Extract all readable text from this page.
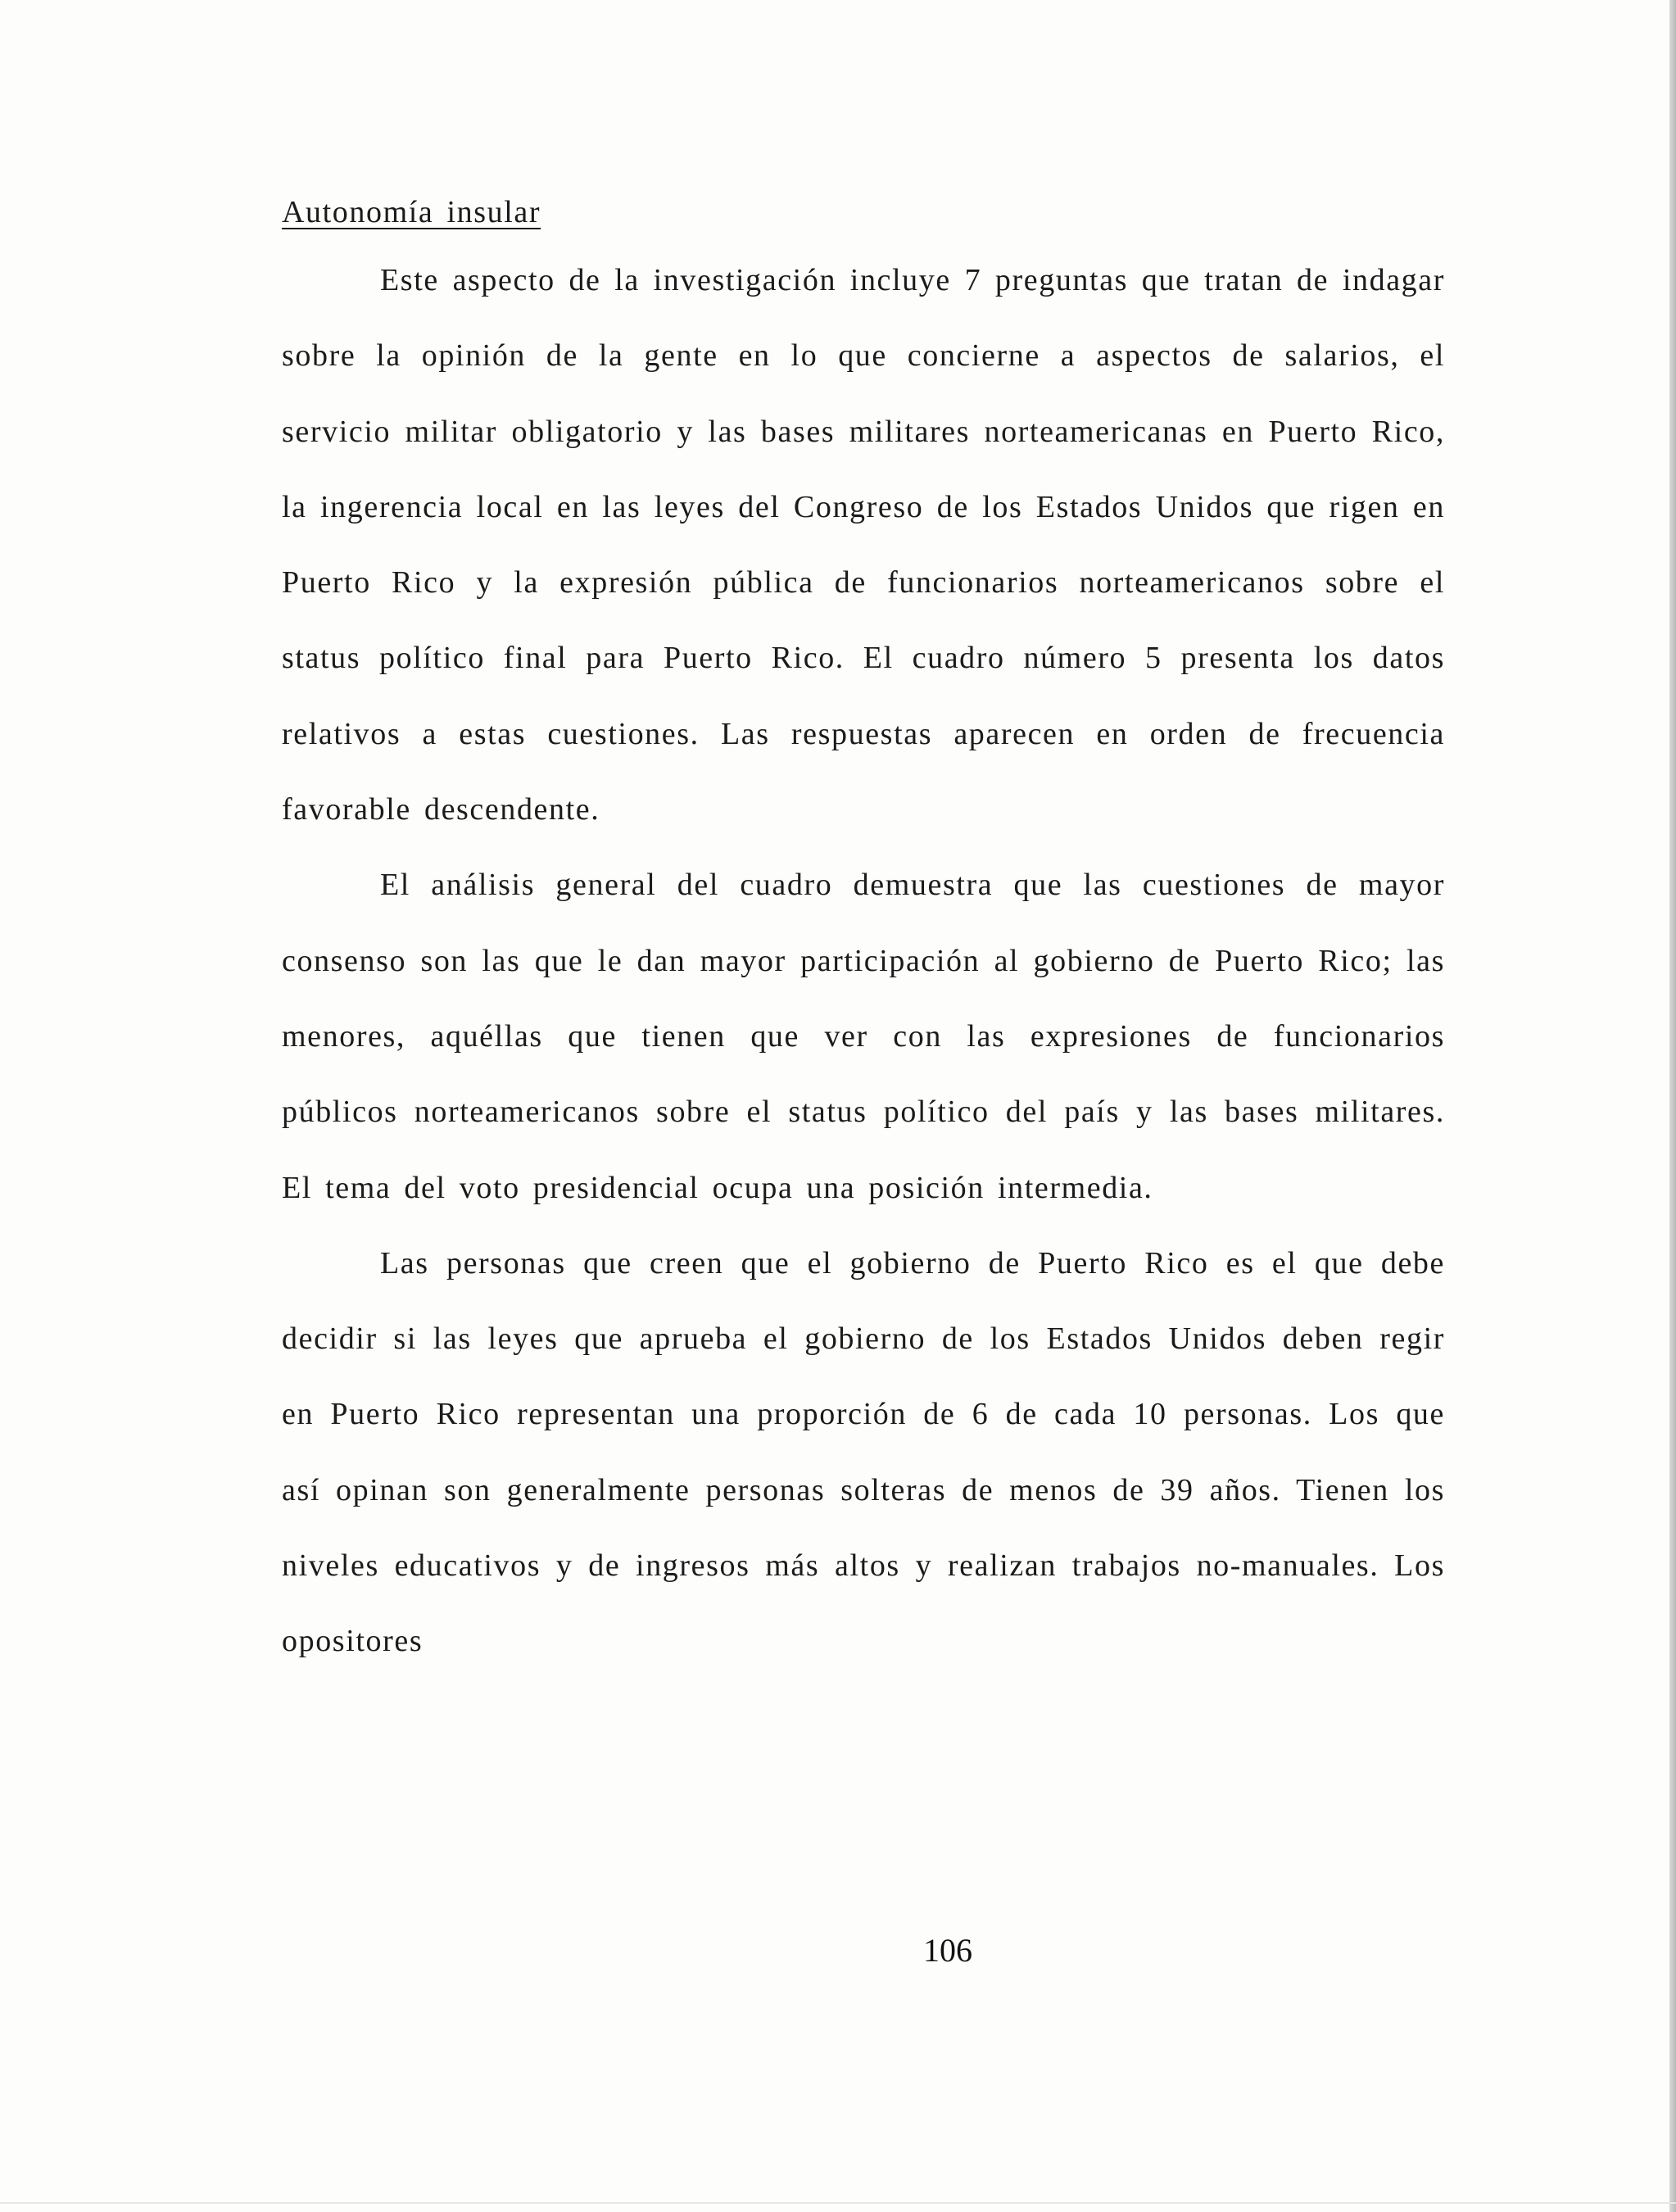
Autonomía insular

Este aspecto de la investigación incluye 7 preguntas que tratan de indagar sobre la opinión de la gente en lo que concierne a aspectos de salarios, el servicio militar obligatorio y las bases militares norteamericanas en Puerto Rico, la ingerencia local en las leyes del Congreso de los Estados Unidos que rigen en Puerto Rico y la expresión pública de funcionarios norteamericanos sobre el status político final para Puerto Rico. El cuadro número 5 presenta los datos relativos a estas cuestiones. Las respuestas aparecen en orden de frecuencia favorable descendente.

El análisis general del cuadro demuestra que las cuestiones de mayor consenso son las que le dan mayor participación al gobierno de Puerto Rico; las menores, aquéllas que tienen que ver con las expresiones de funcionarios públicos norteamericanos sobre el status político del país y las bases militares. El tema del voto presidencial ocupa una posición intermedia.

Las personas que creen que el gobierno de Puerto Rico es el que debe decidir si las leyes que aprueba el gobierno de los Estados Unidos deben regir en Puerto Rico representan una proporción de 6 de cada 10 personas. Los que así opinan son generalmente personas solteras de menos de 39 años. Tienen los niveles educativos y de ingresos más altos y realizan trabajos no-manuales. Los opositores

106
